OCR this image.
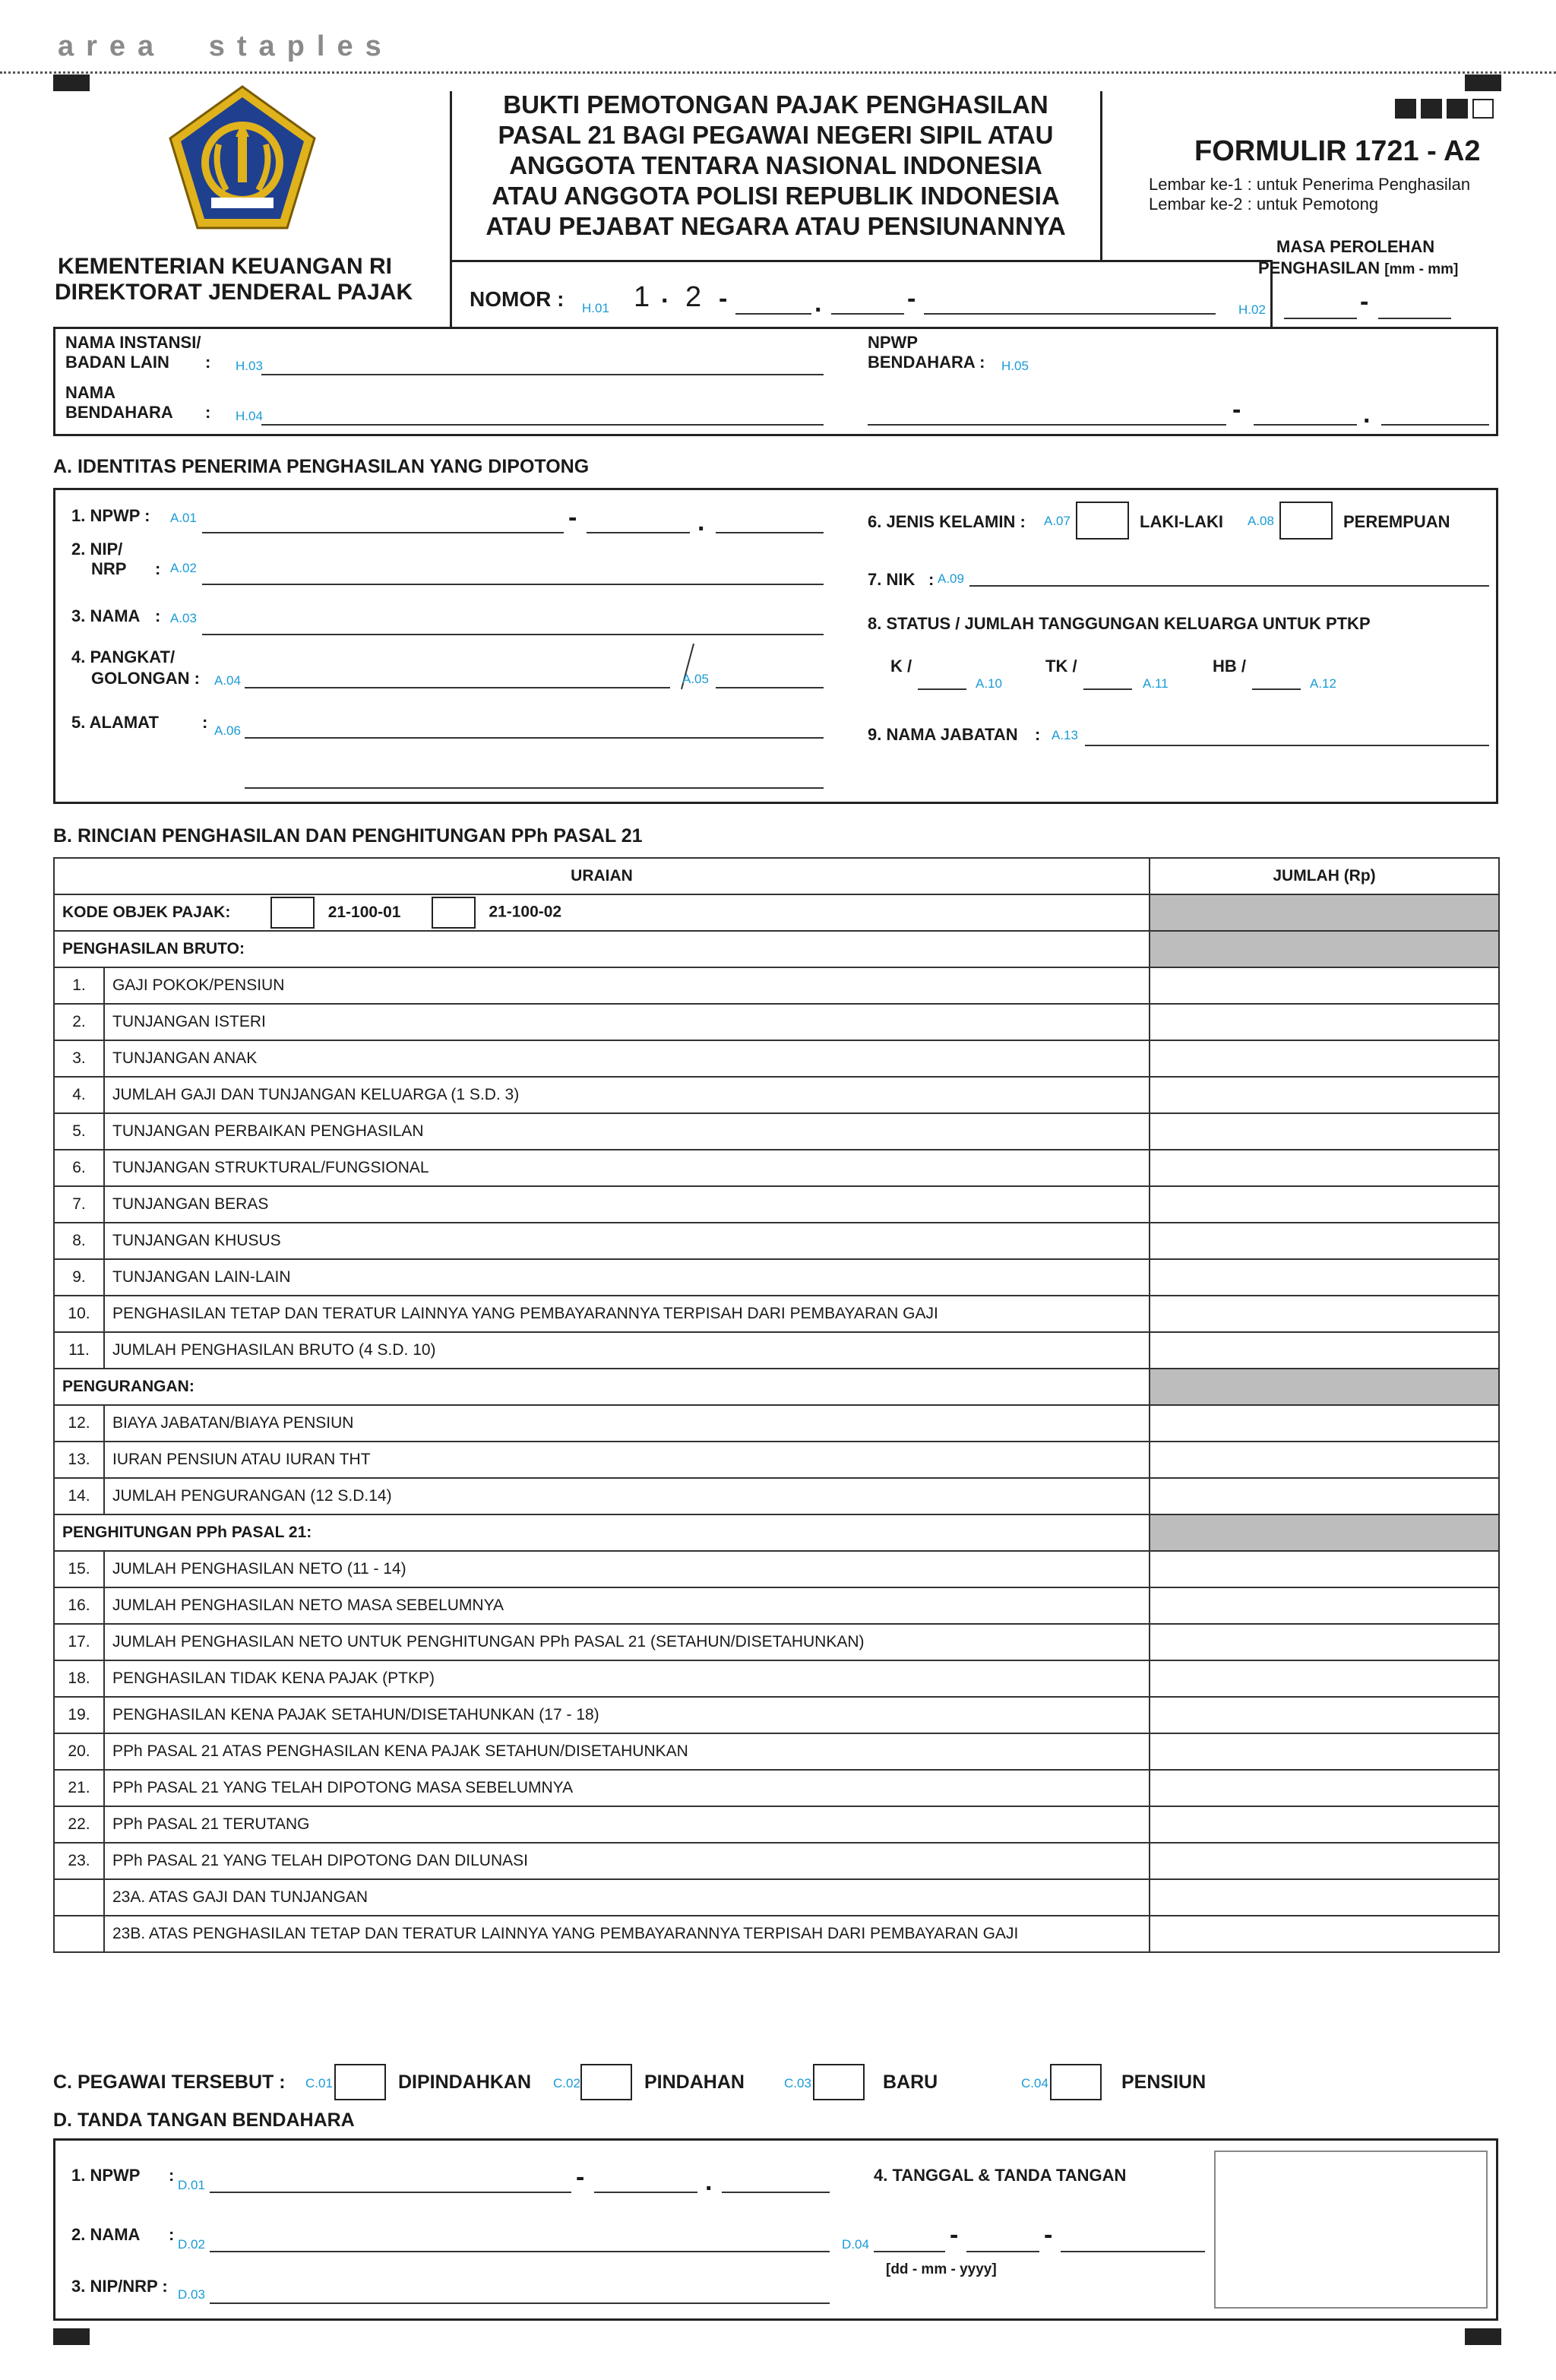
area staples
KEMENTERIAN KEUANGAN RI
DIREKTORAT JENDERAL PAJAK
BUKTI PEMOTONGAN PAJAK PENGHASILAN
PASAL 21 BAGI PEGAWAI NEGERI SIPIL ATAU
ANGGOTA TENTARA NASIONAL INDONESIA
ATAU ANGGOTA POLISI REPUBLIK INDONESIA
ATAU PEJABAT NEGARA ATAU PENSIUNANNYA
NOMOR : H.01 1 . 2 -	.	-
FORMULIR 1721 - A2
Lembar ke-1 : untuk Penerima Penghasilan
Lembar ke-2 : untuk Pemotong
MASA PEROLEHAN
PENGHASILAN [mm - mm]
H.02	-
NAMA INSTANSI/
BADAN LAIN : H.03
NAMA
BENDAHARA : H.04
NPWP
BENDAHARA : H.05
-	.
A. IDENTITAS PENERIMA PENGHASILAN YANG DIPOTONG
1. NPWP : A.01	-	.
2. NIP/
NRP : A.02
3. NAMA : A.03
4. PANGKAT/
GOLONGAN : A.04	A.05
5. ALAMAT	: A.06
6. JENIS KELAMIN : A.07	LAKI-LAKI A.08	PEREMPUAN
7. NIK : A.09
8. STATUS / JUMLAH TANGGUNGAN KELUARGA UNTUK PTKP
K /
A.10
TK /
A.11
HB /
A.12
9. NAMA JABATAN : A.13
B. RINCIAN PENGHASILAN DAN PENGHITUNGAN PPh PASAL 21
URAIAN		JUMLAH (Rp)
KODE OBJEK PAJAK: 21-100-01 21-100-02		
PENGHASILAN BRUTO:		
1.	GAJI POKOK/PENSIUN	
2.	TUNJANGAN ISTERI	
3.	TUNJANGAN ANAK	
4.	JUMLAH GAJI DAN TUNJANGAN KELUARGA (1 S.D. 3)	
5.	TUNJANGAN PERBAIKAN PENGHASILAN	
6.	TUNJANGAN STRUKTURAL/FUNGSIONAL	
7.	TUNJANGAN BERAS	
8.	TUNJANGAN KHUSUS	
9.	TUNJANGAN LAIN-LAIN	
10.	PENGHASILAN TETAP DAN TERATUR LAINNYA YANG PEMBAYARANNYA TERPISAH DARI PEMBAYARAN GAJI	
11.	JUMLAH PENGHASILAN BRUTO (4 S.D. 10)	
PENGURANGAN:		
12.	BIAYA JABATAN/BIAYA PENSIUN	
13.	IURAN PENSIUN ATAU IURAN THT	
14.	JUMLAH PENGURANGAN (12 S.D.14)	
PENGHITUNGAN PPh PASAL 21:		
15.	JUMLAH PENGHASILAN NETO (11 - 14)	
16.	JUMLAH PENGHASILAN NETO MASA SEBELUMNYA	
17.	JUMLAH PENGHASILAN NETO UNTUK PENGHITUNGAN PPh PASAL 21 (SETAHUN/DISETAHUNKAN)	
18.	PENGHASILAN TIDAK KENA PAJAK (PTKP)	
19.	PENGHASILAN KENA PAJAK SETAHUN/DISETAHUNKAN (17 - 18)	
20.	PPh PASAL 21 ATAS PENGHASILAN KENA PAJAK SETAHUN/DISETAHUNKAN	
21.	PPh PASAL 21 YANG TELAH DIPOTONG MASA SEBELUMNYA	
22.	PPh PASAL 21 TERUTANG	
23.	PPh PASAL 21 YANG TELAH DIPOTONG DAN DILUNASI	
	23A. ATAS GAJI DAN TUNJANGAN	
	23B. ATAS PENGHASILAN TETAP DAN TERATUR LAINNYA YANG PEMBAYARANNYA TERPISAH DARI PEMBAYARAN GAJI	
C. PEGAWAI TERSEBUT : C.01	DIPINDAHKAN C.02	PINDAHAN	C.03	BARU	C.04	PENSIUN
D. TANDA TANGAN BENDAHARA
1. NPWP :
D.01	-	.
2. NAMA :
D.02
3. NIP/NRP : D.03
4. TANGGAL & TANDA TANGAN
D.04	-	-
[dd - mm - yyyy]
